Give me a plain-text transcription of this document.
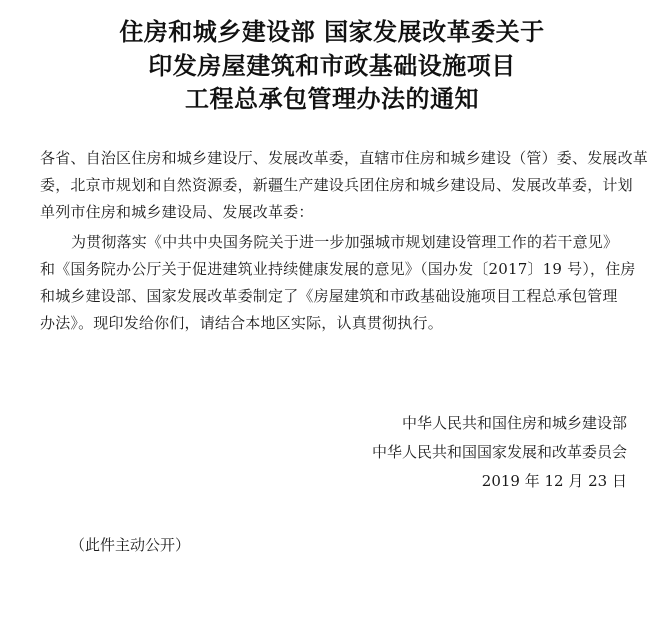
住房和城乡建设部 国家发展改革委关于
印发房屋建筑和市政基础设施项目
工程总承包管理办法的通知
各省、自治区住房和城乡建设厅、发展改革委，直辖市住房和城乡建设（管）委、发展改革
委，北京市规划和自然资源委，新疆生产建设兵团住房和城乡建设局、发展改革委，计划
单列市住房和城乡建设局、发展改革委：
为贯彻落实《中共中央国务院关于进一步加强城市规划建设管理工作的若干意见》
和《国务院办公厅关于促进建筑业持续健康发展的意见》（国办发〔2017〕19 号），住房
和城乡建设部、国家发展改革委制定了《房屋建筑和市政基础设施项目工程总承包管理
办法》。现印发给你们，请结合本地区实际，认真贯彻执行。
中华人民共和国住房和城乡建设部
中华人民共和国国家发展和改革委员会
2019 年 12 月 23 日
（此件主动公开）
